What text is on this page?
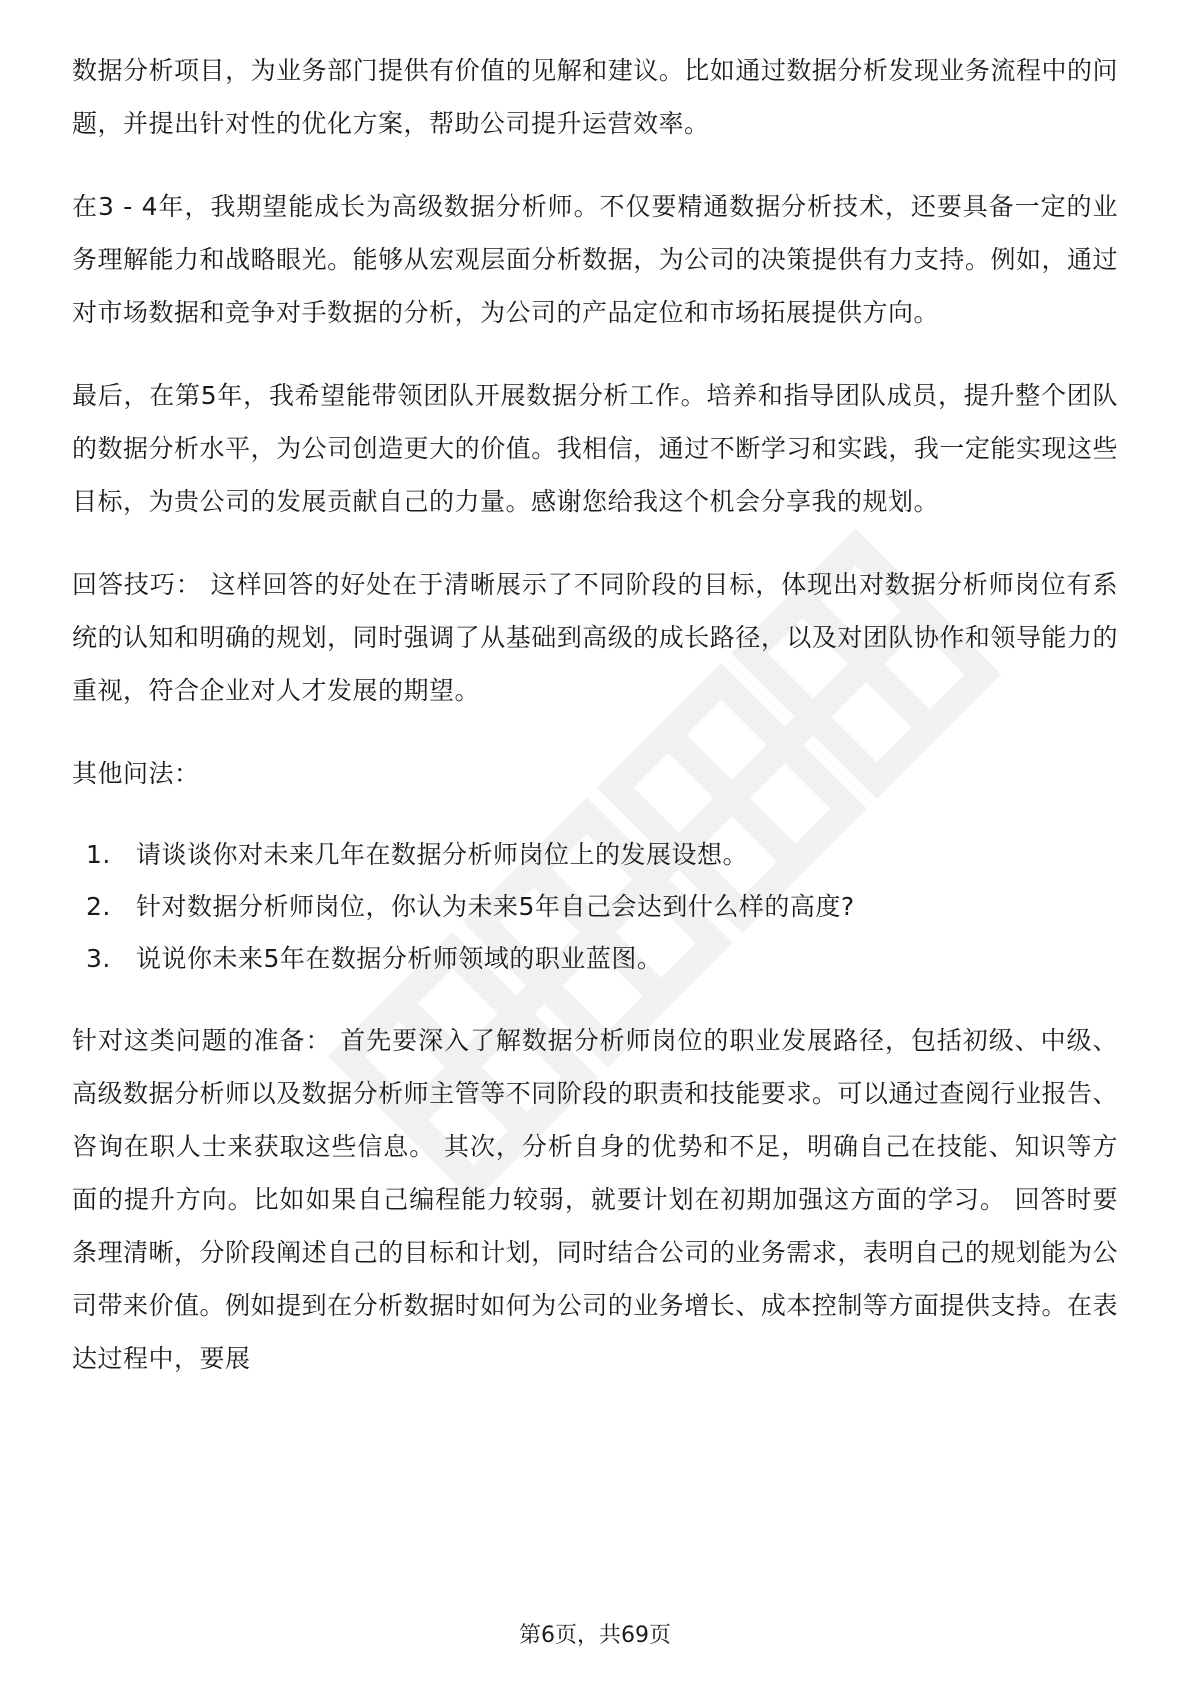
数据分析项目，为业务部门提供有价值的见解和建议。比如通过数据分析发现业务流程中的问题，并提出针对性的优化方案，帮助公司提升运营效率。

在3 - 4年，我期望能成长为高级数据分析师。不仅要精通数据分析技术，还要具备一定的业务理解能力和战略眼光。能够从宏观层面分析数据，为公司的决策提供有力支持。例如，通过对市场数据和竞争对手数据的分析，为公司的产品定位和市场拓展提供方向。

最后，在第5年，我希望能带领团队开展数据分析工作。培养和指导团队成员，提升整个团队的数据分析水平，为公司创造更大的价值。我相信，通过不断学习和实践，我一定能实现这些目标，为贵公司的发展贡献自己的力量。感谢您给我这个机会分享我的规划。

回答技巧： 这样回答的好处在于清晰展示了不同阶段的目标，体现出对数据分析师岗位有系统的认知和明确的规划，同时强调了从基础到高级的成长路径，以及对团队协作和领导能力的重视，符合企业对人才发展的期望。

其他问法：

1.	请谈谈你对未来几年在数据分析师岗位上的发展设想。
2.	针对数据分析师岗位，你认为未来5年自己会达到什么样的高度?
3.	说说你未来5年在数据分析师领域的职业蓝图。

针对这类问题的准备： 首先要深入了解数据分析师岗位的职业发展路径，包括初级、中级、高级数据分析师以及数据分析师主管等不同阶段的职责和技能要求。可以通过查阅行业报告、咨询在职人士来获取这些信息。 其次，分析自身的优势和不足，明确自己在技能、知识等方面的提升方向。比如如果自己编程能力较弱，就要计划在初期加强这方面的学习。 回答时要条理清晰，分阶段阐述自己的目标和计划，同时结合公司的业务需求，表明自己的规划能为公司带来价值。例如提到在分析数据时如何为公司的业务增长、成本控制等方面提供支持。在表达过程中，要展

第6页，共69页
